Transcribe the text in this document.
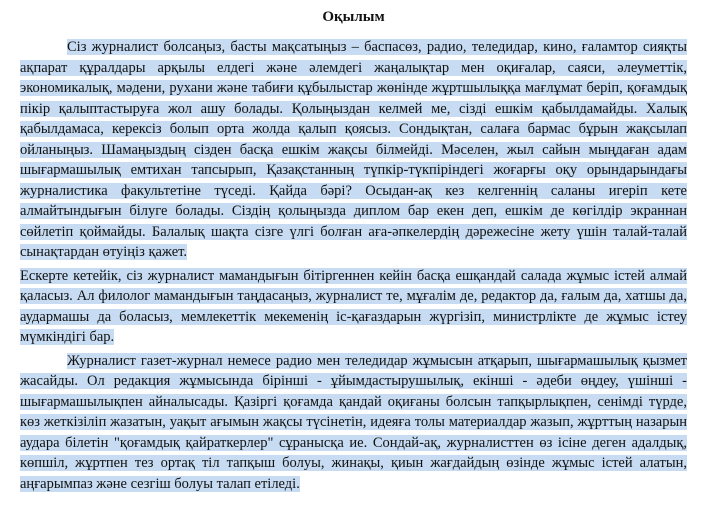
Оқылым

Сіз журналист болсаңыз, басты мақсатыңыз – баспасөз, радио, теледидар, кино, ғаламтор сияқты ақпарат құралдары арқылы елдегі және әлемдегі жаңалықтар мен оқиғалар, саяси, әлеуметтік, экономикалық, мәдени, рухани және табиғи құбылыстар жөнінде жұртшылыққа мағлұмат беріп, қоғамдық пікір қалыптастыруға жол ашу болады. Қолыңыздан келмей ме, сізді ешкім қабылдамайды. Халық қабылдамаса, керексіз болып орта жолда қалып қоясыз. Сондықтан, салаға бармас бұрын жақсылап ойланыңыз. Шамаңыздың сізден басқа ешкім жақсы білмейді. Мәселен, жыл сайын мыңдаған адам шығармашылық емтихан тапсырып, Қазақстанның түпкір-түкпіріндегі жоғарғы оқу орындарындағы журналистика факультетіне түседі. Қайда бәрі? Осыдан-ақ кез келгеннің саланы игеріп кете алмайтындығын білуге болады. Сіздің қолыңызда диплом бар екен деп, ешкім де көгілдір экраннан сөйлетіп қоймайды. Балалық шақта сізге үлгі болған аға-әпкелердің дәрежесіне жету үшін талай-талай сынақтардан өтуіңіз қажет.

Ескерте кетейік, сіз журналист мамандығын бітіргеннен кейін басқа ешқандай салада жұмыс істей алмай қаласыз. Ал филолог мамандығын таңдасаңыз, журналист те, мұғалім де, редактор да, ғалым да, хатшы да, аудармашы да боласыз, мемлекеттік мекеменің іс-қағаздарын жүргізіп, министрлікте де жұмыс істеу мүмкіндігі бар.

Журналист газет-журнал немесе радио мен теледидар жұмысын атқарып, шығармашылық қызмет жасайды. Ол редакция жұмысында бірінші - ұйымдастырушылық, екінші - әдеби өңдеу, үшінші - шығармашылықпен айналысады. Қазіргі қоғамда қандай оқиғаны болсын тапқырлықпен, сенімді түрде, көз жеткізіліп жазатын, уақыт ағымын жақсы түсінетін, идеяға толы материалдар жазып, жұрттың назарын аудара білетін "қоғамдық қайраткерлер" сұранысқа ие. Сондай-ақ, журналисттен өз ісіне деген адалдық, көпшіл, жұртпен тез ортақ тіл тапқыш болуы, жинақы, қиын жағдайдың өзінде жұмыс істей алатын, аңғарымпаз және сезгіш болуы талап етіледі.
